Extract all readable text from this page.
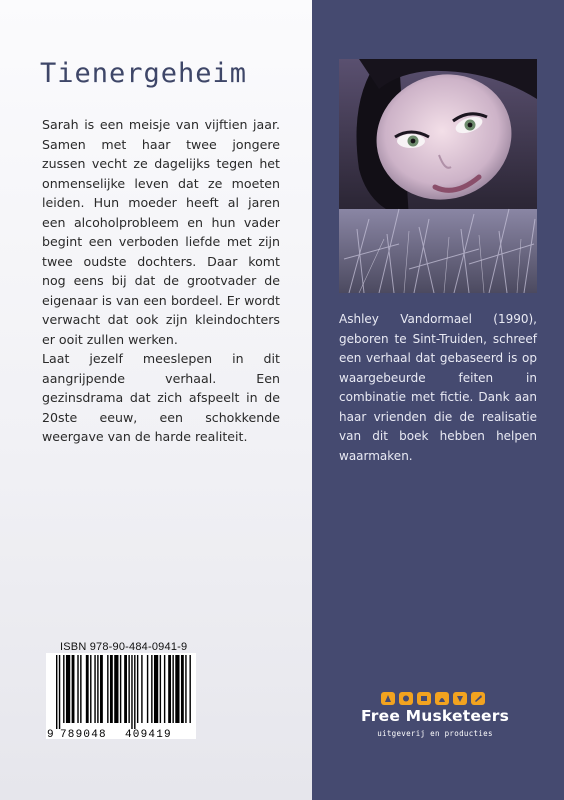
Tienergeheim

Sarah is een meisje van vijftien jaar. Samen met haar twee jongere zussen vecht ze dagelijks tegen het onmenselijke leven dat ze moeten leiden. Hun moeder heeft al jaren een alcoholprobleem en hun vader begint een verboden liefde met zijn twee oudste dochters. Daar komt nog eens bij dat de grootvader de eigenaar is van een bordeel. Er wordt verwacht dat ook zijn kleindochters er ooit zullen werken.

Laat jezelf meeslepen in dit aangrijpende verhaal. Een gezinsdrama dat zich afspeelt in de 20ste eeuw, een schokkende weergave van de harde realiteit.

Ashley Vandormael (1990), geboren te Sint-Truiden, schreef een verhaal dat gebaseerd is op waargebeurde feiten in combinatie met fictie. Dank aan haar vrienden die de realisatie van dit boek hebben helpen waarmaken.

ISBN 978-90-484-0941-9
9 789048 409419
Free Musketeers
uitgeverij en producties
